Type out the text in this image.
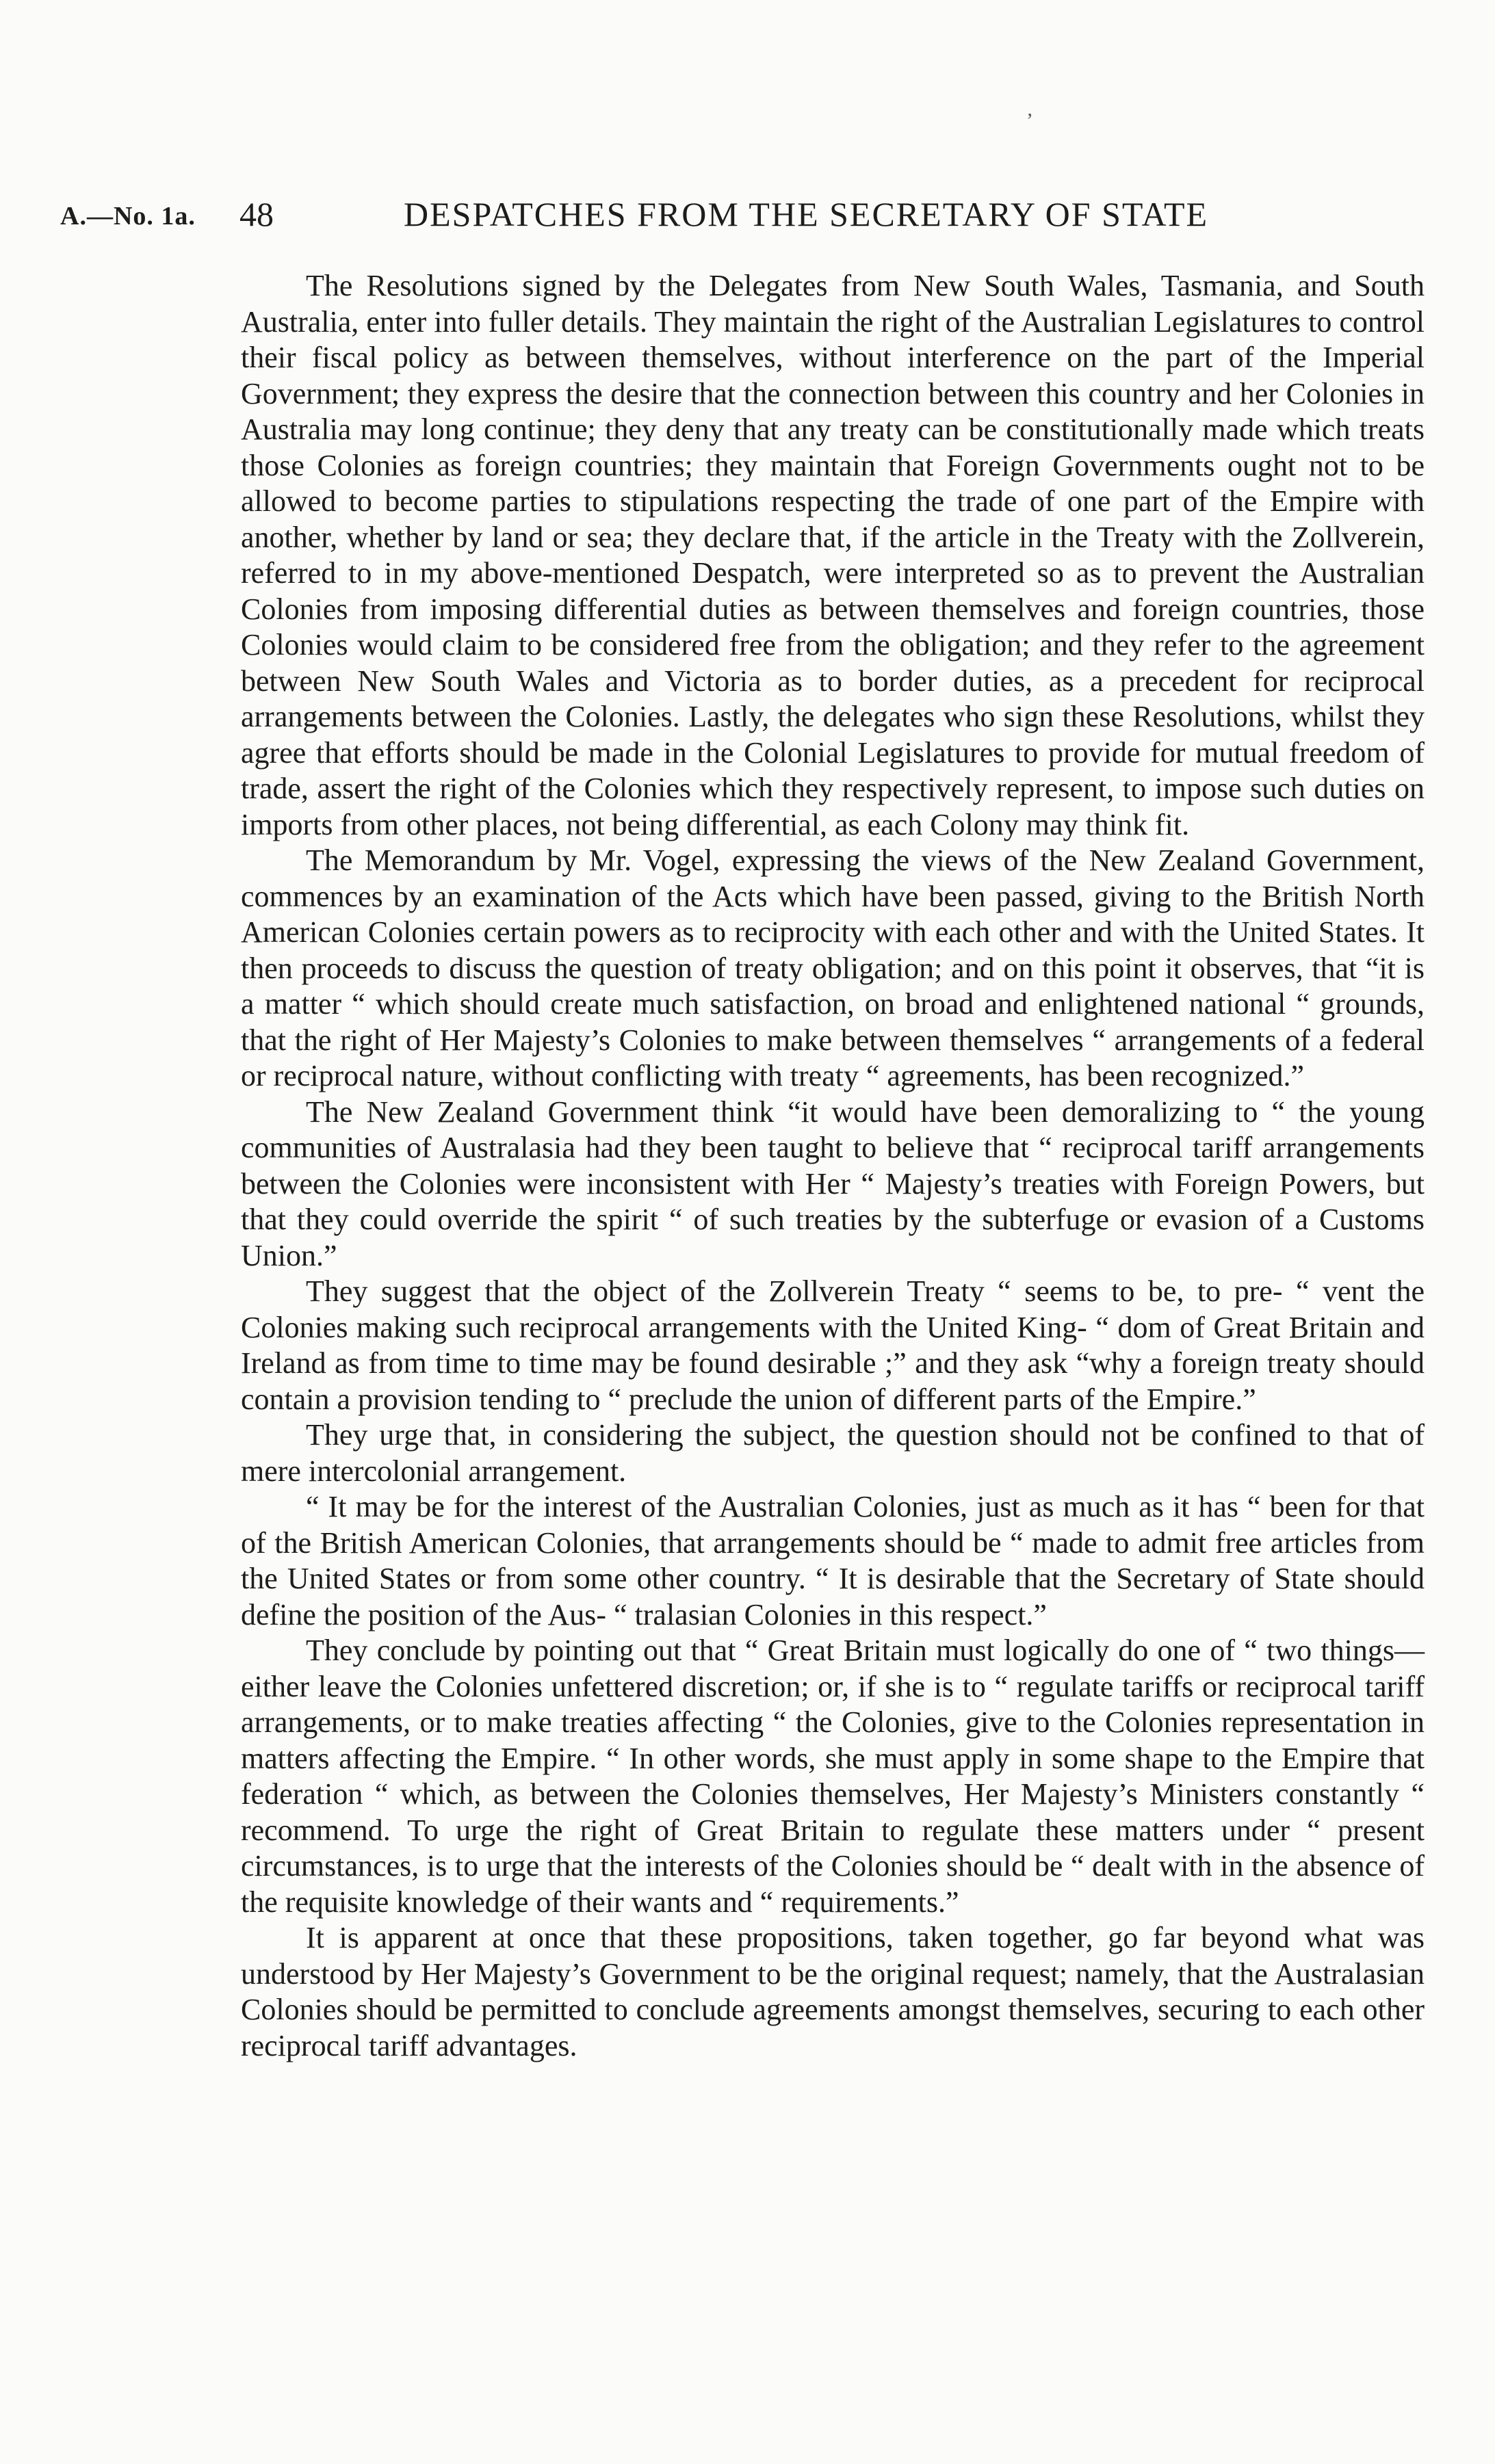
ʼ
A.—No. 1a. 48	DESPATCHES FROM THE SECRETARY OF STATE

The Resolutions signed by the Delegates from New South Wales, Tasmania, and South Australia, enter into fuller details. They maintain the right of the Australian Legislatures to control their fiscal policy as between themselves, without interference on the part of the Imperial Government; they express the desire that the connection between this country and her Colonies in Australia may long continue; they deny that any treaty can be constitutionally made which treats those Colonies as foreign countries; they maintain that Foreign Governments ought not to be allowed to become parties to stipulations respecting the trade of one part of the Empire with another, whether by land or sea; they declare that, if the article in the Treaty with the Zollverein, referred to in my above-mentioned Despatch, were interpreted so as to prevent the Australian Colonies from imposing differential duties as between themselves and foreign countries, those Colonies would claim to be considered free from the obligation; and they refer to the agreement between New South Wales and Victoria as to border duties, as a precedent for reciprocal arrangements between the Colonies. Lastly, the delegates who sign these Resolutions, whilst they agree that efforts should be made in the Colonial Legislatures to provide for mutual freedom of trade, assert the right of the Colonies which they respectively represent, to impose such duties on imports from other places, not being differential, as each Colony may think fit.

The Memorandum by Mr. Vogel, expressing the views of the New Zealand Government, commences by an examination of the Acts which have been passed, giving to the British North American Colonies certain powers as to reciprocity with each other and with the United States. It then proceeds to discuss the question of treaty obligation; and on this point it observes, that “it is a matter “ which should create much satisfaction, on broad and enlightened national “ grounds, that the right of Her Majesty’s Colonies to make between themselves “ arrangements of a federal or reciprocal nature, without conflicting with treaty “ agreements, has been recognized.”

The New Zealand Government think “it would have been demoralizing to “ the young communities of Australasia had they been taught to believe that “ reciprocal tariff arrangements between the Colonies were inconsistent with Her “ Majesty’s treaties with Foreign Powers, but that they could override the spirit “ of such treaties by the subterfuge or evasion of a Customs Union.”

They suggest that the object of the Zollverein Treaty “ seems to be, to pre- “ vent the Colonies making such reciprocal arrangements with the United King- “ dom of Great Britain and Ireland as from time to time may be found desirable ;” and they ask “why a foreign treaty should contain a provision tending to “ preclude the union of different parts of the Empire.”

They urge that, in considering the subject, the question should not be confined to that of mere intercolonial arrangement.

“ It may be for the interest of the Australian Colonies, just as much as it has “ been for that of the British American Colonies, that arrangements should be “ made to admit free articles from the United States or from some other country. “ It is desirable that the Secretary of State should define the position of the Aus- “ tralasian Colonies in this respect.”

They conclude by pointing out that “ Great Britain must logically do one of “ two things—either leave the Colonies unfettered discretion; or, if she is to “ regulate tariffs or reciprocal tariff arrangements, or to make treaties affecting “ the Colonies, give to the Colonies representation in matters affecting the Empire. “ In other words, she must apply in some shape to the Empire that federation “ which, as between the Colonies themselves, Her Majesty’s Ministers constantly “ recommend. To urge the right of Great Britain to regulate these matters under “ present circumstances, is to urge that the interests of the Colonies should be “ dealt with in the absence of the requisite knowledge of their wants and “ requirements.”

It is apparent at once that these propositions, taken together, go far beyond what was understood by Her Majesty’s Government to be the original request; namely, that the Australasian Colonies should be permitted to conclude agreements amongst themselves, securing to each other reciprocal tariff advantages.
